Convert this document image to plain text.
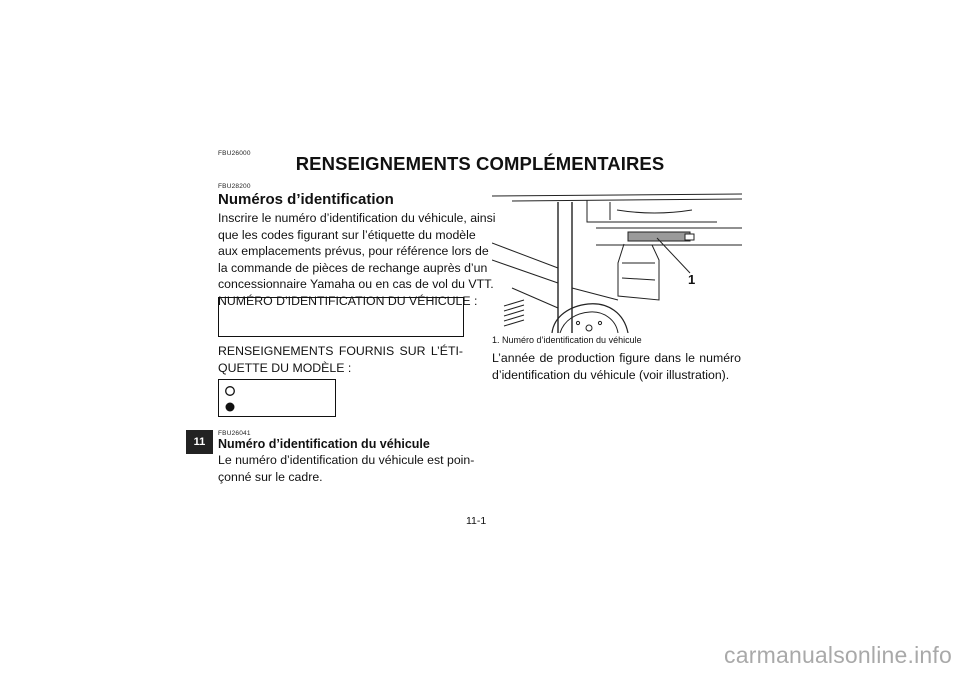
11
FBU26000	RENSEIGNEMENTS COMPLÉMENTAIRES
FBU28200
Numéros d’identification
Inscrire le numéro d’identification du véhicule, ainsi
que les codes figurant sur l’étiquette du modèle
aux emplacements prévus, pour référence lors de
la commande de pièces de rechange auprès d’un
concessionnaire Yamaha ou en cas de vol du VTT.
NUMÉRO D’IDENTIFICATION DU VÉHICULE :
RENSEIGNEMENTS FOURNIS SUR L’ÉTI-
QUETTE DU MODÈLE :
FBU26041
Numéro d’identification du véhicule
Le numéro d’identification du véhicule est poin-
çonné sur le cadre.
1
1. Numéro d’identification du véhicule
L’année de production figure dans le numéro
d’identification du véhicule (voir illustration).
11-1
carmanualsonline.info
